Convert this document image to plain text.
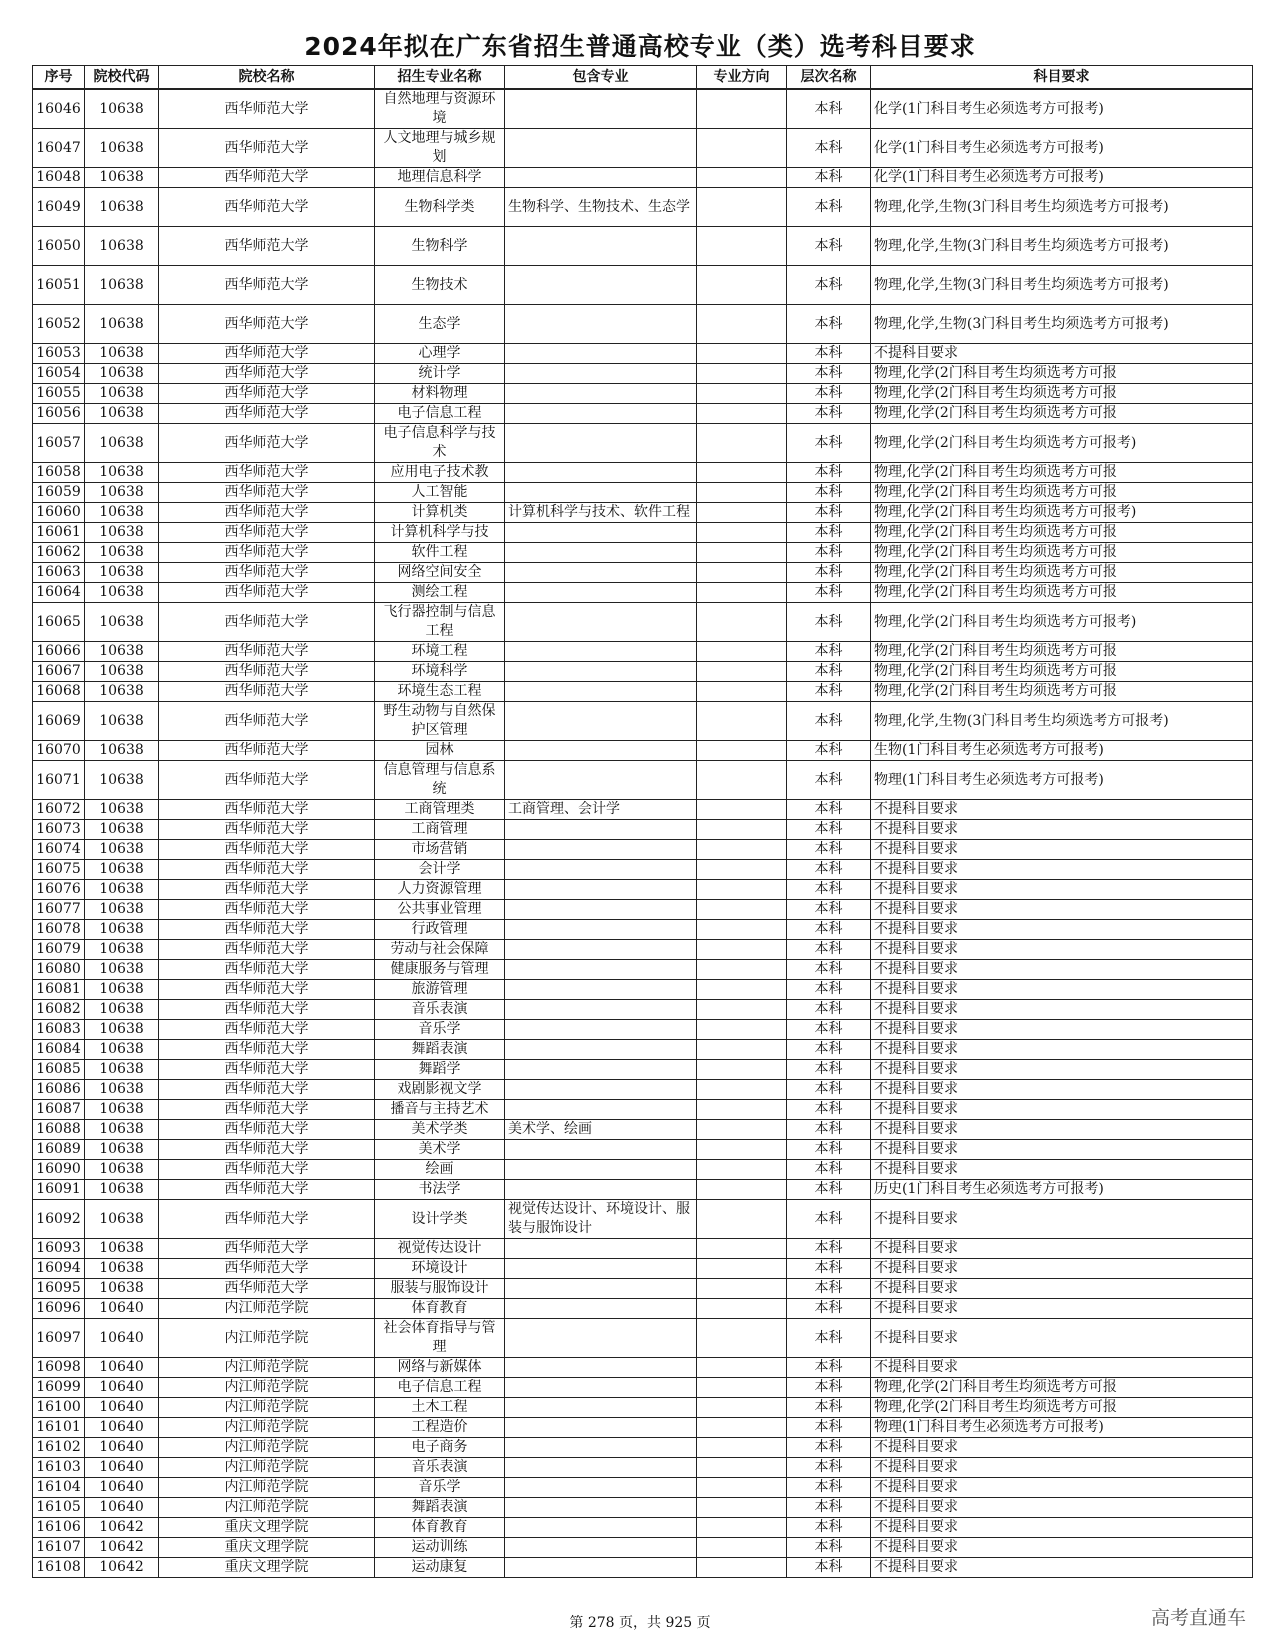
2024年拟在广东省招生普通高校专业（类）选考科目要求
序号	院校代码	院校名称	招生专业名称	包含专业	专业方向	层次名称	科目要求
16046	10638	西华师范大学	自然地理与资源环境			本科	化学(1门科目考生必须选考方可报考)
16047	10638	西华师范大学	人文地理与城乡规划			本科	化学(1门科目考生必须选考方可报考)
16048	10638	西华师范大学	地理信息科学			本科	化学(1门科目考生必须选考方可报考)
16049	10638	西华师范大学	生物科学类	生物科学、生物技术、生态学		本科	物理,化学,生物(3门科目考生均须选考方可报考)
16050	10638	西华师范大学	生物科学			本科	物理,化学,生物(3门科目考生均须选考方可报考)
16051	10638	西华师范大学	生物技术			本科	物理,化学,生物(3门科目考生均须选考方可报考)
16052	10638	西华师范大学	生态学			本科	物理,化学,生物(3门科目考生均须选考方可报考)
16053	10638	西华师范大学	心理学			本科	不提科目要求
16054	10638	西华师范大学	统计学			本科	物理,化学(2门科目考生均须选考方可报
16055	10638	西华师范大学	材料物理			本科	物理,化学(2门科目考生均须选考方可报
16056	10638	西华师范大学	电子信息工程			本科	物理,化学(2门科目考生均须选考方可报
16057	10638	西华师范大学	电子信息科学与技术			本科	物理,化学(2门科目考生均须选考方可报考)
16058	10638	西华师范大学	应用电子技术教			本科	物理,化学(2门科目考生均须选考方可报
16059	10638	西华师范大学	人工智能			本科	物理,化学(2门科目考生均须选考方可报
16060	10638	西华师范大学	计算机类	计算机科学与技术、软件工程		本科	物理,化学(2门科目考生均须选考方可报考)
16061	10638	西华师范大学	计算机科学与技			本科	物理,化学(2门科目考生均须选考方可报
16062	10638	西华师范大学	软件工程			本科	物理,化学(2门科目考生均须选考方可报
16063	10638	西华师范大学	网络空间安全			本科	物理,化学(2门科目考生均须选考方可报
16064	10638	西华师范大学	测绘工程			本科	物理,化学(2门科目考生均须选考方可报
16065	10638	西华师范大学	飞行器控制与信息工程			本科	物理,化学(2门科目考生均须选考方可报考)
16066	10638	西华师范大学	环境工程			本科	物理,化学(2门科目考生均须选考方可报
16067	10638	西华师范大学	环境科学			本科	物理,化学(2门科目考生均须选考方可报
16068	10638	西华师范大学	环境生态工程			本科	物理,化学(2门科目考生均须选考方可报
16069	10638	西华师范大学	野生动物与自然保护区管理			本科	物理,化学,生物(3门科目考生均须选考方可报考)
16070	10638	西华师范大学	园林			本科	生物(1门科目考生必须选考方可报考)
16071	10638	西华师范大学	信息管理与信息系统			本科	物理(1门科目考生必须选考方可报考)
16072	10638	西华师范大学	工商管理类	工商管理、会计学		本科	不提科目要求
16073	10638	西华师范大学	工商管理			本科	不提科目要求
16074	10638	西华师范大学	市场营销			本科	不提科目要求
16075	10638	西华师范大学	会计学			本科	不提科目要求
16076	10638	西华师范大学	人力资源管理			本科	不提科目要求
16077	10638	西华师范大学	公共事业管理			本科	不提科目要求
16078	10638	西华师范大学	行政管理			本科	不提科目要求
16079	10638	西华师范大学	劳动与社会保障			本科	不提科目要求
16080	10638	西华师范大学	健康服务与管理			本科	不提科目要求
16081	10638	西华师范大学	旅游管理			本科	不提科目要求
16082	10638	西华师范大学	音乐表演			本科	不提科目要求
16083	10638	西华师范大学	音乐学			本科	不提科目要求
16084	10638	西华师范大学	舞蹈表演			本科	不提科目要求
16085	10638	西华师范大学	舞蹈学			本科	不提科目要求
16086	10638	西华师范大学	戏剧影视文学			本科	不提科目要求
16087	10638	西华师范大学	播音与主持艺术			本科	不提科目要求
16088	10638	西华师范大学	美术学类	美术学、绘画		本科	不提科目要求
16089	10638	西华师范大学	美术学			本科	不提科目要求
16090	10638	西华师范大学	绘画			本科	不提科目要求
16091	10638	西华师范大学	书法学			本科	历史(1门科目考生必须选考方可报考)
16092	10638	西华师范大学	设计学类	视觉传达设计、环境设计、服装与服饰设计		本科	不提科目要求
16093	10638	西华师范大学	视觉传达设计			本科	不提科目要求
16094	10638	西华师范大学	环境设计			本科	不提科目要求
16095	10638	西华师范大学	服装与服饰设计			本科	不提科目要求
16096	10640	内江师范学院	体育教育			本科	不提科目要求
16097	10640	内江师范学院	社会体育指导与管理			本科	不提科目要求
16098	10640	内江师范学院	网络与新媒体			本科	不提科目要求
16099	10640	内江师范学院	电子信息工程			本科	物理,化学(2门科目考生均须选考方可报
16100	10640	内江师范学院	土木工程			本科	物理,化学(2门科目考生均须选考方可报
16101	10640	内江师范学院	工程造价			本科	物理(1门科目考生必须选考方可报考)
16102	10640	内江师范学院	电子商务			本科	不提科目要求
16103	10640	内江师范学院	音乐表演			本科	不提科目要求
16104	10640	内江师范学院	音乐学			本科	不提科目要求
16105	10640	内江师范学院	舞蹈表演			本科	不提科目要求
16106	10642	重庆文理学院	体育教育			本科	不提科目要求
16107	10642	重庆文理学院	运动训练			本科	不提科目要求
16108	10642	重庆文理学院	运动康复			本科	不提科目要求
第 278 页，共 925 页	高考直通车
